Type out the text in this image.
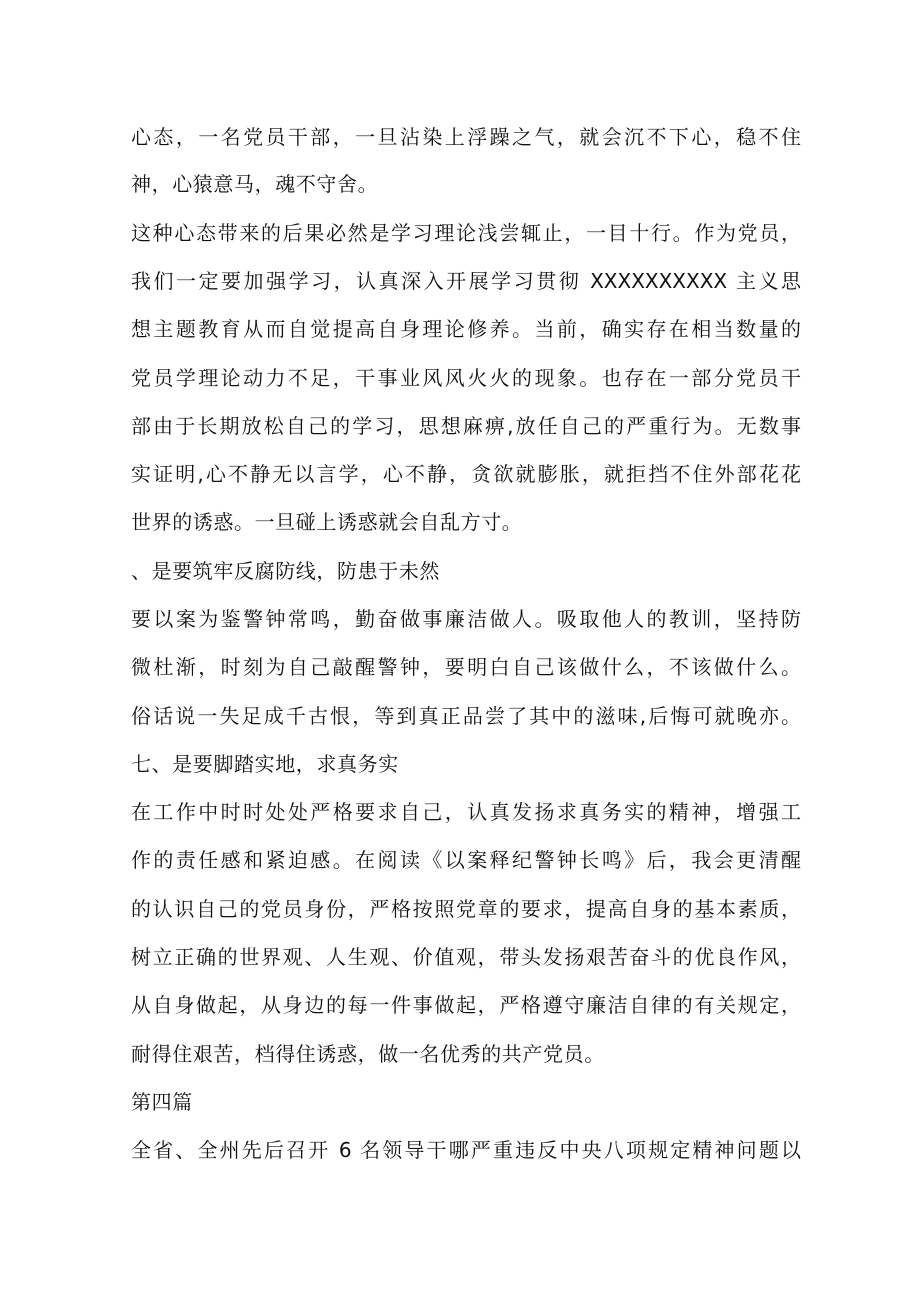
心态，一名党员干部，一旦沾染上浮躁之气，就会沉不下心，稳不住
神，心猿意马，魂不守舍。
这种心态带来的后果必然是学习理论浅尝辄止，一目十行。作为党员，
我们一定要加强学习，认真深入开展学习贯彻 XXXXXXXXXX 主义思
想主题教育从而自觉提高自身理论修养。当前，确实存在相当数量的
党员学理论动力不足，干事业风风火火的现象。也存在一部分党员干
部由于长期放松自己的学习，思想麻痹,放任自己的严重行为。无数事
实证明,心不静无以言学，心不静，贪欲就膨胀，就拒挡不住外部花花
世界的诱惑。一旦碰上诱惑就会自乱方寸。
、是要筑牢反腐防线，防患于未然
要以案为鉴警钟常鸣，勤奋做事廉洁做人。吸取他人的教训，坚持防
微杜渐，时刻为自己敲醒警钟，要明白自己该做什么，不该做什么。
俗话说一失足成千古恨，等到真正品尝了其中的滋味,后悔可就晚亦。
七、是要脚踏实地，求真务实
在工作中时时处处严格要求自己，认真发扬求真务实的精神，增强工
作的责任感和紧迫感。在阅读《以案释纪警钟长鸣》后，我会更清醒
的认识自己的党员身份，严格按照党章的要求，提高自身的基本素质，
树立正确的世界观、人生观、价值观，带头发扬艰苦奋斗的优良作风，
从自身做起，从身边的每一件事做起，严格遵守廉洁自律的有关规定，
耐得住艰苦，档得住诱惑，做一名优秀的共产党员。
第四篇
全省、全州先后召开 6 名领导干哪严重违反中央八项规定精神问题以
